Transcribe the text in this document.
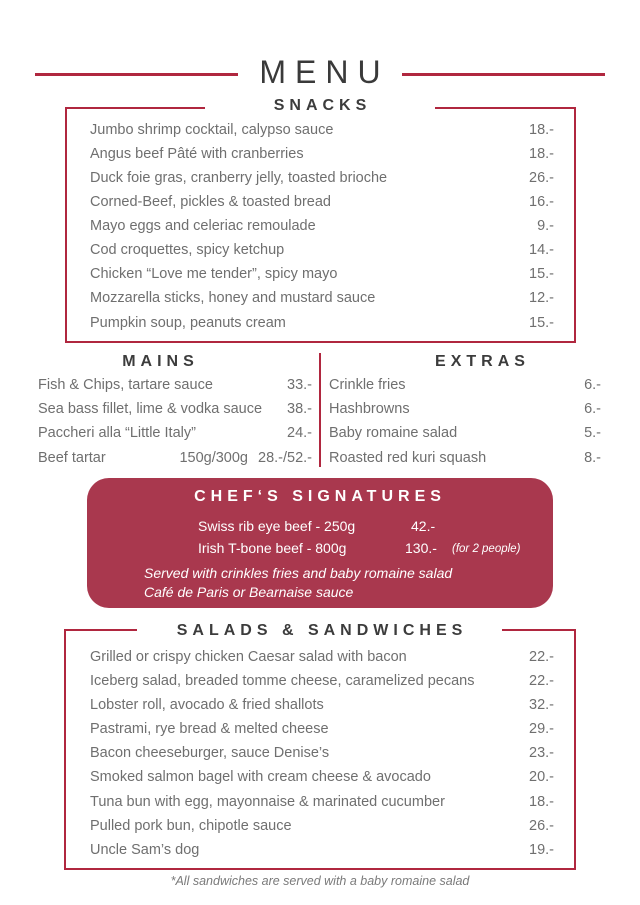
MENU
SNACKS
Jumbo shrimp cocktail, calypso sauce	18.-
Angus beef Pâté with cranberries	18.-
Duck foie gras, cranberry jelly, toasted brioche	26.-
Corned-Beef, pickles & toasted bread	16.-
Mayo eggs and celeriac remoulade	9.-
Cod croquettes, spicy ketchup	14.-
Chicken “Love me tender”, spicy mayo	15.-
Mozzarella sticks, honey and mustard sauce	12.-
Pumpkin soup, peanuts cream	15.-
MAINS
Fish & Chips, tartare sauce	33.-
Sea bass fillet, lime & vodka sauce	38.-
Paccheri alla “Little Italy”	24.-
Beef tartar	150g/300g 28.-/52.-
EXTRAS
Crinkle fries	6.-
Hashbrowns	6.-
Baby romaine salad	5.-
Roasted red kuri squash	8.-
CHEF‘S SIGNATURES
Swiss rib eye beef - 250g	42.-
Irish T-bone beef - 800g	130.- (for 2 people)
Served with crinkles fries and baby romaine salad
Café de Paris or Bearnaise sauce
SALADS & SANDWICHES
Grilled or crispy chicken Caesar salad with bacon	22.-
Iceberg salad, breaded tomme cheese, caramelized pecans	22.-
Lobster roll, avocado & fried shallots	32.-
Pastrami, rye bread & melted cheese	29.-
Bacon cheeseburger, sauce Denise’s	23.-
Smoked salmon bagel with cream cheese & avocado	20.-
Tuna bun with egg, mayonnaise & marinated cucumber	18.-
Pulled pork bun, chipotle sauce	26.-
Uncle Sam’s dog	19.-
*All sandwiches are served with a baby romaine salad
